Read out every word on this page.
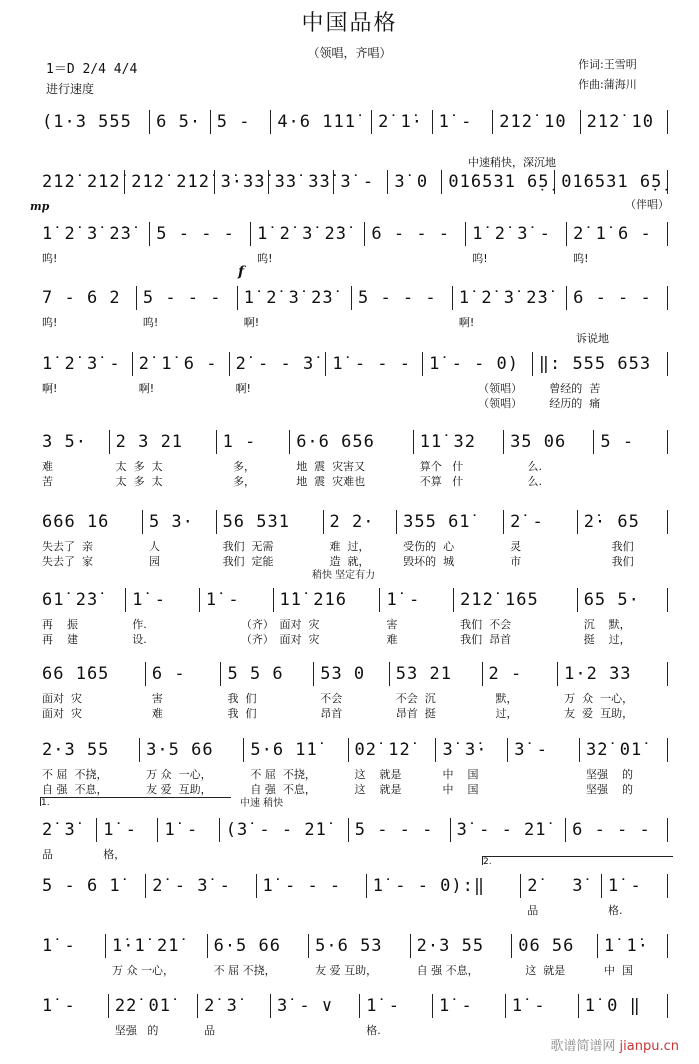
中国品格
（领唱，齐唱）
1＝D 2/4 4/4
进行速度
作词:王雪明
作曲:蒲海川
中速稍快，深沉地
（伴唱）
mp
f
诉说地
稍快 坚定有力
中速 稍快
1.
2.
(1·3 555	6 5· 5 -	4·6 1̇1̇1̇	2̇ 1̇· 1̇ -	2̇1̇2̇ 1̇0	2̇1̇2̇ 1̇0
2̇1̇2̇ 2̇1̇2̇ 2̇1̇2̇ 2̇1̇2̇ 3̇·3̇3̇ 3̇3̇ 3̇3̇ 3̇ -	3̇ 0	01̇6531 6̣5̣ 01̇6531 6̣5̣
1̇ 2̇ 3̇ 2̇3̇
呜!
5 - - -	1̇ 2̇ 3̇ 2̇3̇
呜!
6 - - -	1̇ 2̇ 3̇ -
呜!
2̇ 1̇ 6 -
呜!
7 - 6 2
呜!
5 - - -
呜!
1̇ 2̇ 3̇ 2̇3̇
啊!
5 - - -	1̇ 2̇ 3̇ 2̇3̇
啊!
6 - - -
1̇ 2̇ 3̇ -
啊!
2̇ 1̇ 6 -
啊!
2̇ - - 3̇
啊!
1̇ - - -	1̇ - - 0)
（领唱）
（领唱）
‖: 555 653
曾经的  苦
经历的  痛
3 5·
难
苦
2 3 21
太  多  太
太  多  太
1 -
多，
多，
6·6 656
地  震  灾害又
地  震  灾难也
1̇1̇ 32
算个   什
不算   什
35 06
么.
么.
5 -
666 1̇6
失去了  亲
失去了  家
5 3·
人
园
56 531
我们  无需
我们  定能
2 2·
难  过，
造  就，
355 61̇
受伤的  心
毁坏的  城
2̇ -
灵
市
2̇· 65
我们
我们
61̇ 2̇3̇
再    振
再    建
1̇ -
作.
设.
1̇ -
（齐）
（齐）
1̇1̇ 2̇1̇6
面对  灾
面对  灾
1̇ -
害
难
2̇1̇2̇ 1̇65
我们  不会
我们  昂首
65 5·
沉    默，
挺    过，
66 1̇65
面对  灾
面对  灾
6 -
害
难
5 5 6
我  们
我  们
53 0
不会
昂首
53 21
不会  沉
昂首  挺
2 -
默，
过，
1·2 33
万  众  一心，
友  爱  互助，
2·3 55
不 屈  不挠，
自 强  不息，
3·5 66
万 众  一心，
友 爱  互助，
5·6 1̇1̇
不 屈  不挠，
自 强  不息，
02̇ 1̇2̇
这    就是
这    就是
3̇ 3̇·
中    国
中    国
3̇ -	3̇2̇ 01̇
坚强    的
坚强    的
2̇ 3̇
品
1̇ -
格，
1̇ -	(3̇ - - 2̇1̇	5 - - -	3̇ - - 2̇1̇	6 - - -
5 - 6 1̇	2̇ - 3̇ -	1̇ - - -	1̇ - - 0):‖	2̇   3̇
品
1̇ -
格.
1̇ -	1̇·1̇ 2̇1̇
万 众 一心，
6·5 66
不 屈 不挠，
5·6 53
友 爱 互助，
2·3 55
自 强 不息，
06 56
这  就是
1̇ 1̇·
中  国
1̇ -	2̇2̇ 01̇
坚强   的
2̇ 3̇
品
3̇ - ∨	1̇ -
格.
1̇ -	1̇ -	1̇ 0 ‖
歌谱简谱网 jianpu.cn
